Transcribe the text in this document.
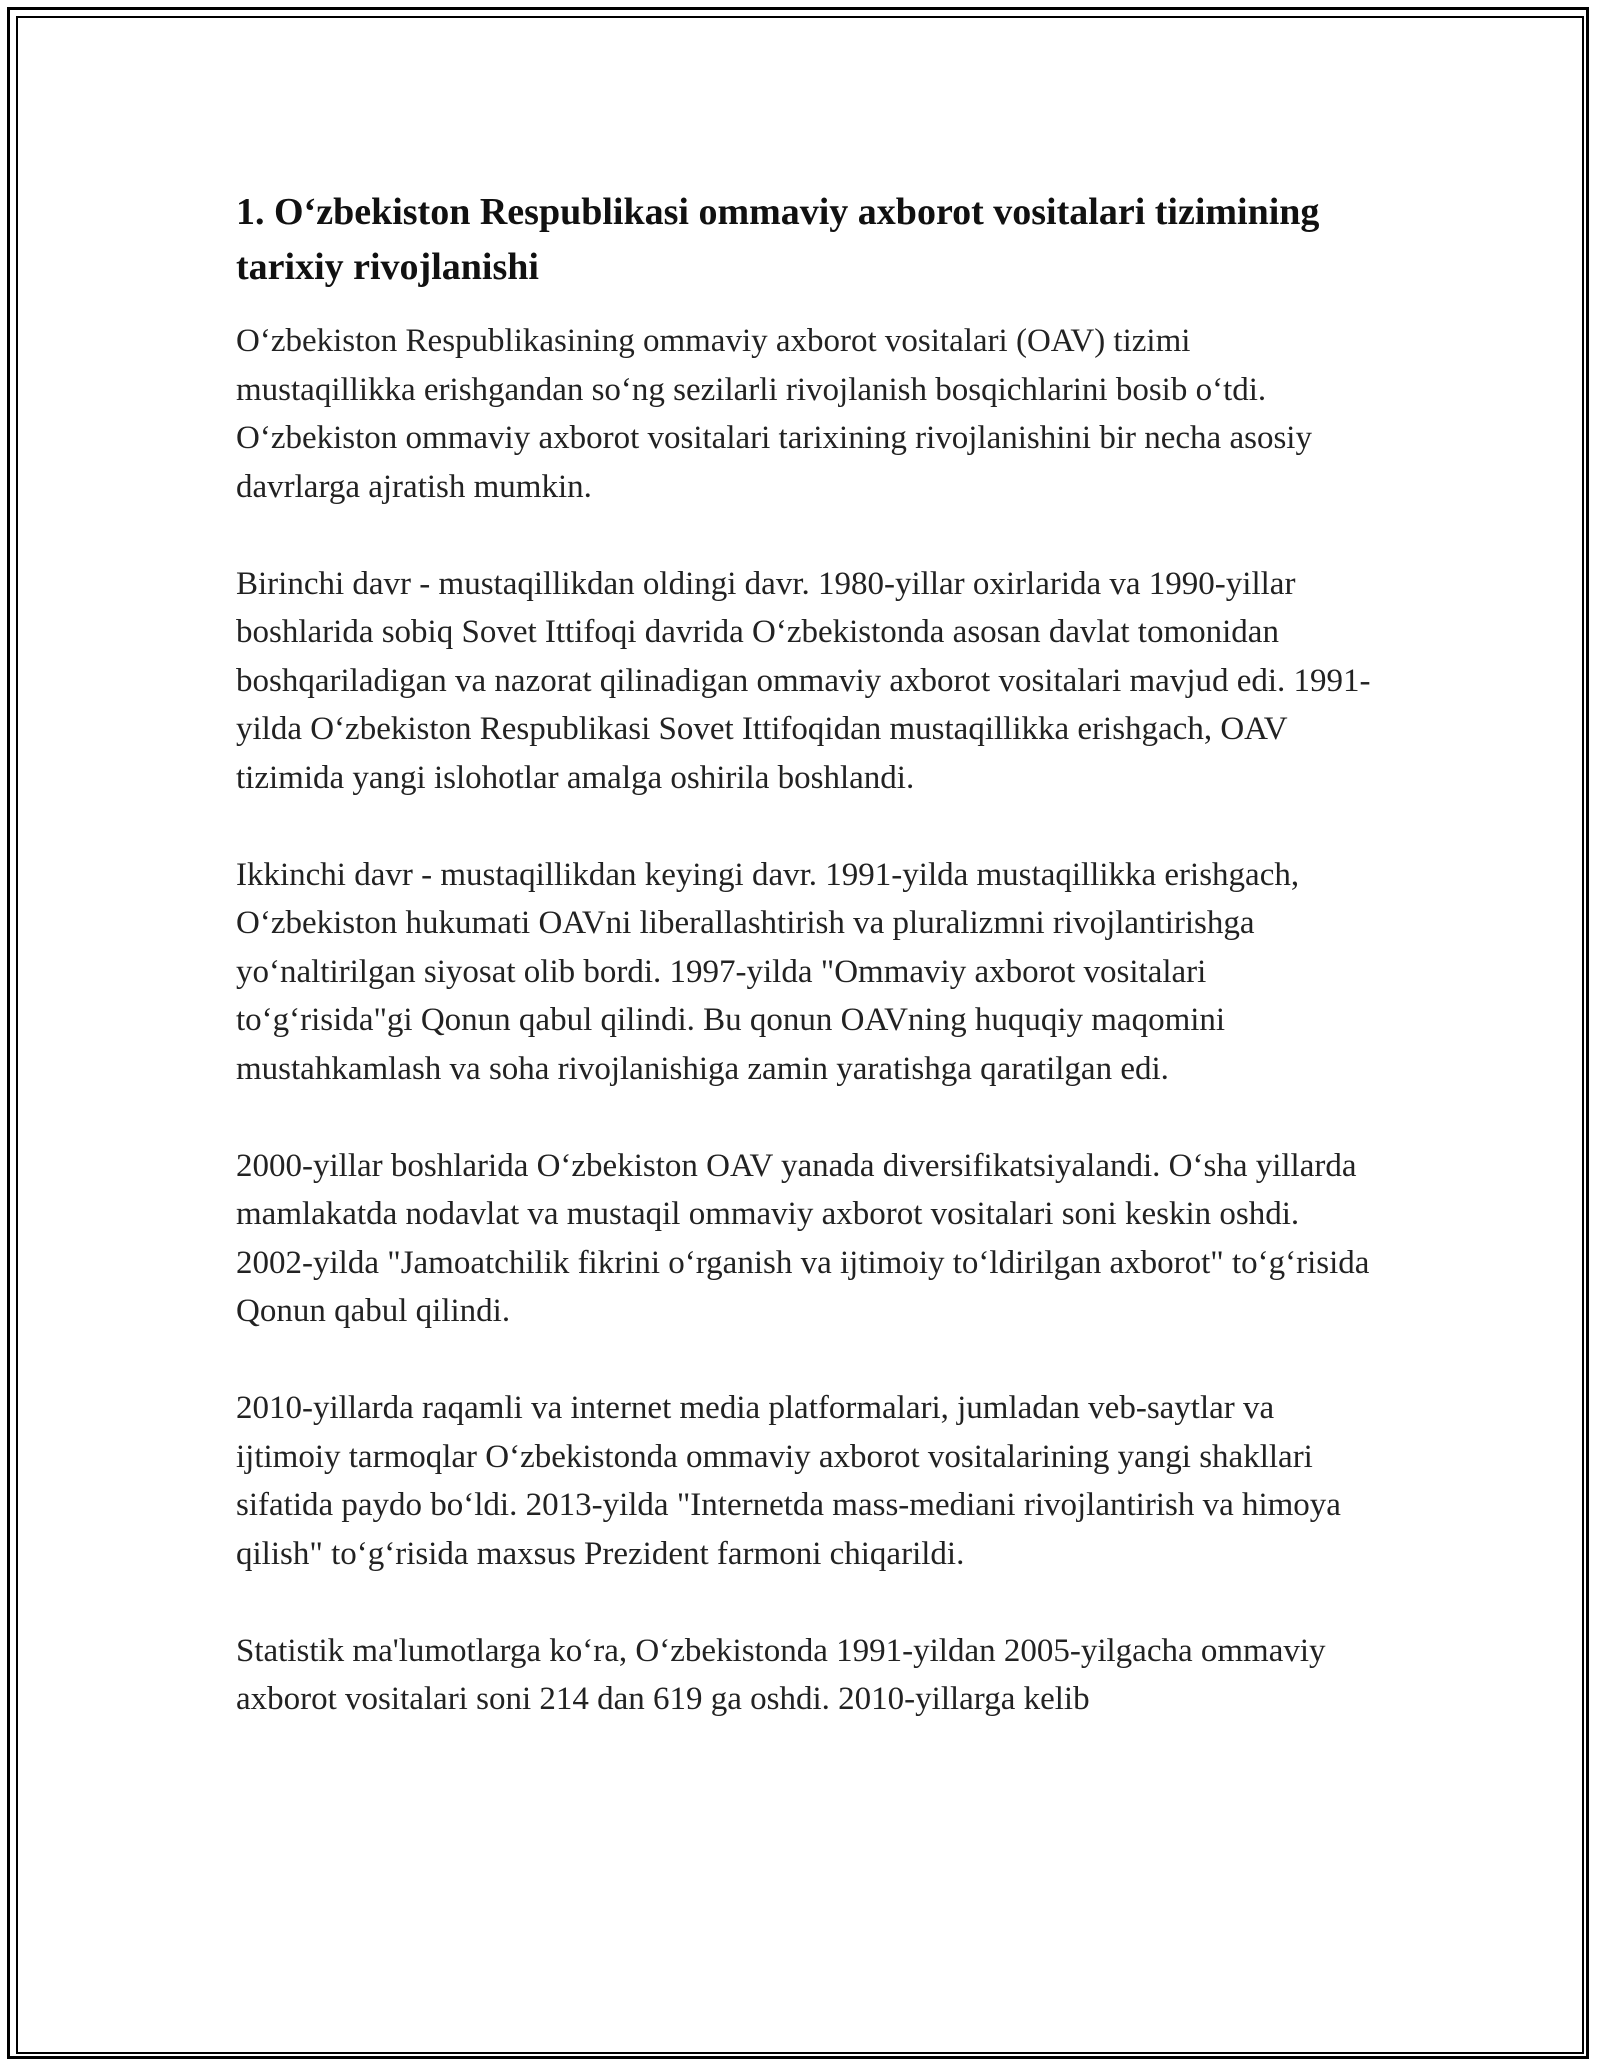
1. O‘zbekiston Respublikasi ommaviy axborot vositalari tizimining tarixiy rivojlanishi

O‘zbekiston Respublikasining ommaviy axborot vositalari (OAV) tizimi mustaqillikka erishgandan so‘ng sezilarli rivojlanish bosqichlarini bosib o‘tdi. O‘zbekiston ommaviy axborot vositalari tarixining rivojlanishini bir necha asosiy davrlarga ajratish mumkin.

Birinchi davr - mustaqillikdan oldingi davr. 1980-yillar oxirlarida va 1990-yillar boshlarida sobiq Sovet Ittifoqi davrida O‘zbekistonda asosan davlat tomonidan boshqariladigan va nazorat qilinadigan ommaviy axborot vositalari mavjud edi. 1991-yilda O‘zbekiston Respublikasi Sovet Ittifoqidan mustaqillikka erishgach, OAV tizimida yangi islohotlar amalga oshirila boshlandi.

Ikkinchi davr - mustaqillikdan keyingi davr. 1991-yilda mustaqillikka erishgach, O‘zbekiston hukumati OAVni liberallashtirish va pluralizmni rivojlantirishga yo‘naltirilgan siyosat olib bordi. 1997-yilda "Ommaviy axborot vositalari to‘g‘risida"gi Qonun qabul qilindi. Bu qonun OAVning huquqiy maqomini mustahkamlash va soha rivojlanishiga zamin yaratishga qaratilgan edi.

2000-yillar boshlarida O‘zbekiston OAV yanada diversifikatsiyalandi. O‘sha yillarda mamlakatda nodavlat va mustaqil ommaviy axborot vositalari soni keskin oshdi. 2002-yilda "Jamoatchilik fikrini o‘rganish va ijtimoiy to‘ldirilgan axborot" to‘g‘risida Qonun qabul qilindi.

2010-yillarda raqamli va internet media platformalari, jumladan veb-saytlar va ijtimoiy tarmoqlar O‘zbekistonda ommaviy axborot vositalarining yangi shakllari sifatida paydo bo‘ldi. 2013-yilda "Internetda mass-mediani rivojlantirish va himoya qilish" to‘g‘risida maxsus Prezident farmoni chiqarildi.

Statistik ma'lumotlarga ko‘ra, O‘zbekistonda 1991-yildan 2005-yilgacha ommaviy axborot vositalari soni 214 dan 619 ga oshdi. 2010-yillarga kelib
